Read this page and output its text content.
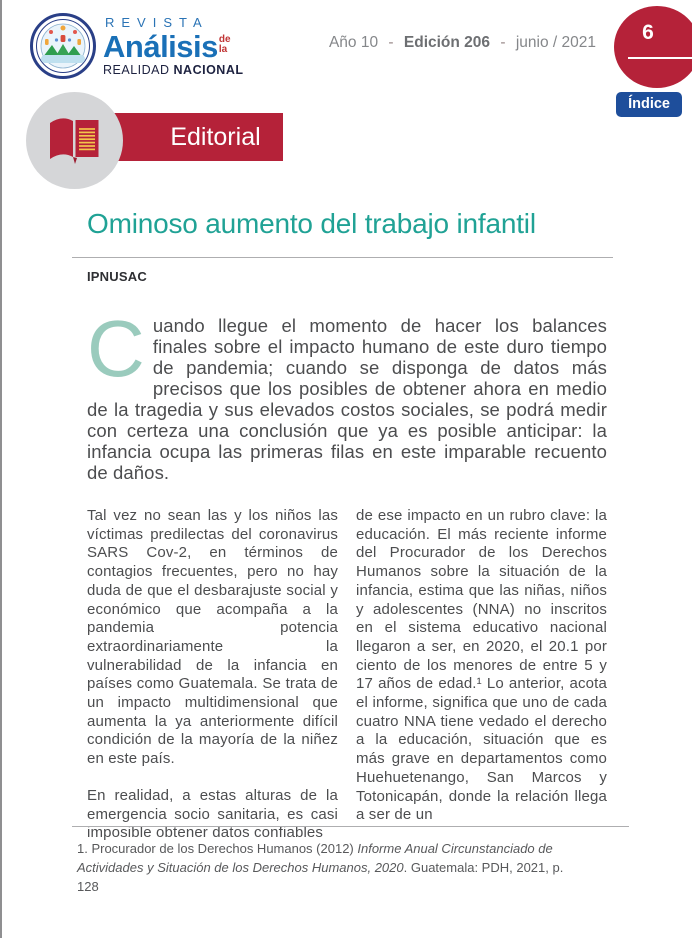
REVISTA
Análisis de
la
REALIDAD NACIONAL
Año 10 - Edición 206 - junio / 2021	6
Índice
Editorial
Ominoso aumento del trabajo infantil
IPNUSAC

Cuando llegue el momento de hacer los balances finales sobre el impacto humano de este duro tiempo de pandemia; cuando se disponga de datos más precisos que los posibles de obtener ahora en medio de la tragedia y sus elevados costos sociales, se podrá medir con certeza una conclusión que ya es posible anticipar: la infancia ocupa las primeras filas en este imparable recuento de daños.

Tal vez no sean las y los niños las víctimas predilectas del coronavirus SARS Cov-2, en términos de contagios frecuentes, pero no hay duda de que el desbarajuste social y económico que acompaña a la pandemia potencia extraordinariamente la vulnerabilidad de la infancia en países como Guatemala. Se trata de un impacto multidimensional que aumenta la ya anteriormente difícil condición de la mayoría de la niñez en este país.

En realidad, a estas alturas de la emergencia socio sanitaria, es casi imposible obtener datos confiables

de ese impacto en un rubro clave: la educación. El más reciente informe del Procurador de los Derechos Humanos sobre la situación de la infancia, estima que las niñas, niños y adolescentes (NNA) no inscritos en el sistema educativo nacional llegaron a ser, en 2020, el 20.1 por ciento de los menores de entre 5 y 17 años de edad.¹ Lo anterior, acota el informe, significa que uno de cada cuatro NNA tiene vedado el derecho a la educación, situación que es más grave en departamentos como Huehuetenango, San Marcos y Totonicapán, donde la relación llega a ser de un

1. Procurador de los Derechos Humanos (2012) Informe Anual Circunstanciado de Actividades y Situación de los Derechos Humanos, 2020. Guatemala: PDH, 2021, p. 128
